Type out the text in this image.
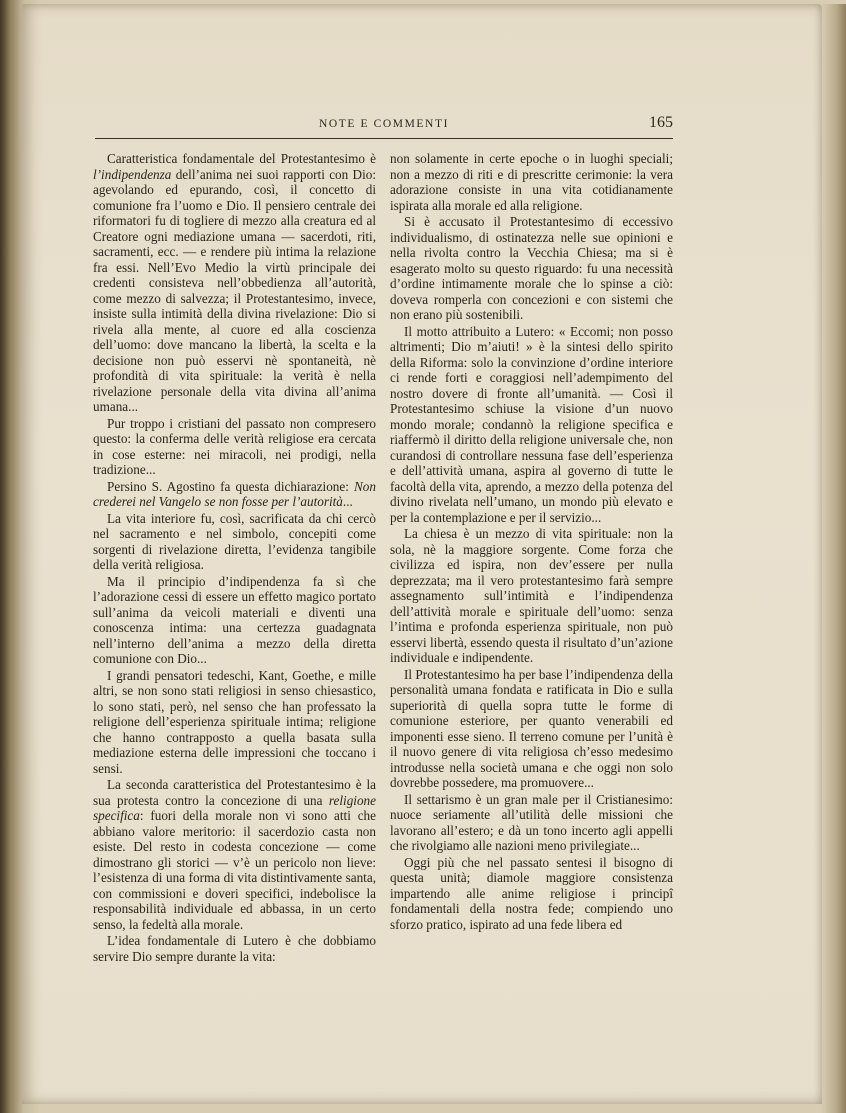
NOTE E COMMENTI	165

Caratteristica fondamentale del Protestantesimo è l’indipendenza dell’anima nei suoi rapporti con Dio: agevolando ed epurando, così, il concetto di comunione fra l’uomo e Dio. Il pensiero centrale dei riformatori fu di togliere di mezzo alla creatura ed al Creatore ogni mediazione umana — sacerdoti, riti, sacramenti, ecc. — e rendere più intima la relazione fra essi. Nell’Evo Medio la virtù principale dei credenti consisteva nell’obbedienza all’autorità, come mezzo di salvezza; il Protestantesimo, invece, insiste sulla intimità della divina rivelazione: Dio si rivela alla mente, al cuore ed alla coscienza dell’uomo: dove mancano la libertà, la scelta e la decisione non può esservi nè spontaneità, nè profondità di vita spirituale: la verità è nella rivelazione personale della vita divina all’anima umana...

Pur troppo i cristiani del passato non compresero questo: la conferma delle verità religiose era cercata in cose esterne: nei miracoli, nei prodigi, nella tradizione...

Persino S. Agostino fa questa dichiarazione: Non crederei nel Vangelo se non fosse per l’autorità...

La vita interiore fu, così, sacrificata da chi cercò nel sacramento e nel simbolo, concepiti come sorgenti di rivelazione diretta, l’evidenza tangibile della verità religiosa.

Ma il principio d’indipendenza fa sì che l’adorazione cessi di essere un effetto magico portato sull’anima da veicoli materiali e diventi una conoscenza intima: una certezza guadagnata nell’interno dell’anima a mezzo della diretta comunione con Dio...

I grandi pensatori tedeschi, Kant, Goethe, e mille altri, se non sono stati religiosi in senso chiesastico, lo sono stati, però, nel senso che han professato la religione dell’esperienza spirituale intima; religione che hanno contrapposto a quella basata sulla mediazione esterna delle impressioni che toccano i sensi.

La seconda caratteristica del Protestantesimo è la sua protesta contro la concezione di una religione specifica: fuori della morale non vi sono atti che abbiano valore meritorio: il sacerdozio casta non esiste. Del resto in codesta concezione — come dimostrano gli storici — v’è un pericolo non lieve: l’esistenza di una forma di vita distintivamente santa, con commissioni e doveri specifici, indebolisce la responsabilità individuale ed abbassa, in un certo senso, la fedeltà alla morale.

L’idea fondamentale di Lutero è che dobbiamo servire Dio sempre durante la vita:

non solamente in certe epoche o in luoghi speciali; non a mezzo di riti e di prescritte cerimonie: la vera adorazione consiste in una vita cotidianamente ispirata alla morale ed alla religione.

Si è accusato il Protestantesimo di eccessivo individualismo, di ostinatezza nelle sue opinioni e nella rivolta contro la Vecchia Chiesa; ma si è esagerato molto su questo riguardo: fu una necessità d’ordine intimamente morale che lo spinse a ciò: doveva romperla con concezioni e con sistemi che non erano più sostenibili.

Il motto attribuito a Lutero: « Eccomi; non posso altrimenti; Dio m’aiuti! » è la sintesi dello spirito della Riforma: solo la convinzione d’ordine interiore ci rende forti e coraggiosi nell’adempimento del nostro dovere di fronte all’umanità. — Così il Protestantesimo schiuse la visione d’un nuovo mondo morale; condannò la religione specifica e riaffermò il diritto della religione universale che, non curandosi di controllare nessuna fase dell’esperienza e dell’attività umana, aspira al governo di tutte le facoltà della vita, aprendo, a mezzo della potenza del divino rivelata nell’umano, un mondo più elevato e per la contemplazione e per il servizio...

La chiesa è un mezzo di vita spirituale: non la sola, nè la maggiore sorgente. Come forza che civilizza ed ispira, non dev’essere per nulla deprezzata; ma il vero protestantesimo farà sempre assegnamento sull’intimità e l’indipendenza dell’attività morale e spirituale dell’uomo: senza l’intima e profonda esperienza spirituale, non può esservi libertà, essendo questa il risultato d’un’azione individuale e indipendente.

Il Protestantesimo ha per base l’indipendenza della personalità umana fondata e ratificata in Dio e sulla superiorità di quella sopra tutte le forme di comunione esteriore, per quanto venerabili ed imponenti esse sieno. Il terreno comune per l’unità è il nuovo genere di vita religiosa ch’esso medesimo introdusse nella società umana e che oggi non solo dovrebbe possedere, ma promuovere...

Il settarismo è un gran male per il Cristianesimo: nuoce seriamente all’utilità delle missioni che lavorano all’estero; e dà un tono incerto agli appelli che rivolgiamo alle nazioni meno privilegiate...

Oggi più che nel passato sentesi il bisogno di questa unità; diamole maggiore consistenza impartendo alle anime religiose i principî fondamentali della nostra fede; compiendo uno sforzo pratico, ispirato ad una fede libera ed
